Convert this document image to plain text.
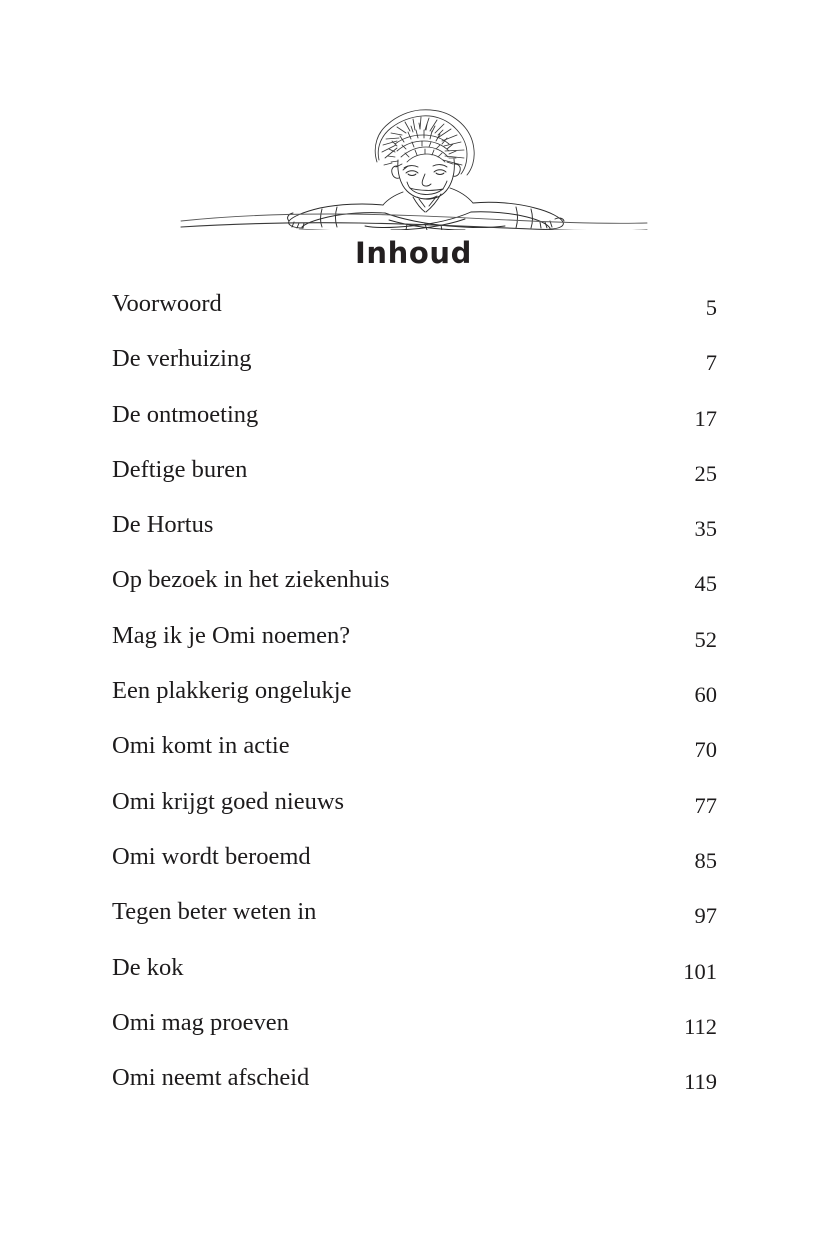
Inhoud
Voorwoord	5
De verhuizing	7
De ontmoeting	17
Deftige buren	25
De Hortus	35
Op bezoek in het ziekenhuis	45
Mag ik je Omi noemen?	52
Een plakkerig ongelukje	60
Omi komt in actie	70
Omi krijgt goed nieuws	77
Omi wordt beroemd	85
Tegen beter weten in	97
De kok	101
Omi mag proeven	112
Omi neemt afscheid	119
